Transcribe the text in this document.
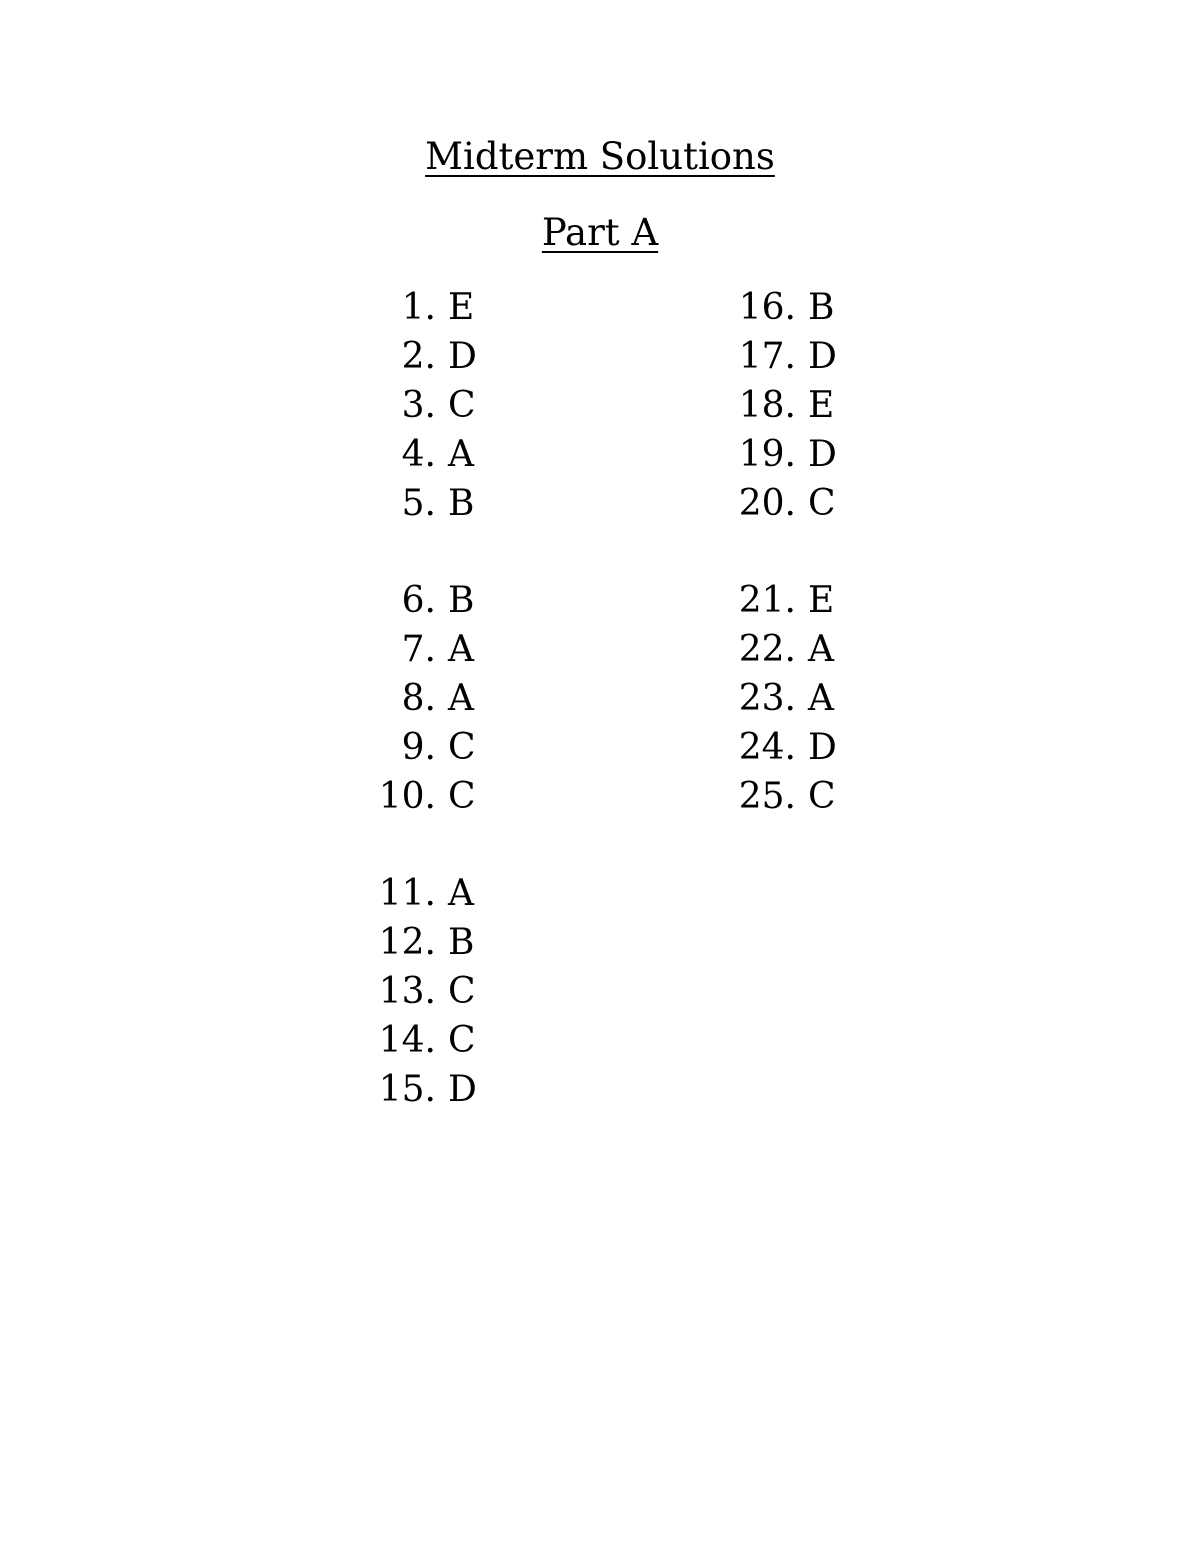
Midterm Solutions
Part A
1. E
2. D
3. C
4. A
5. B
6. B
7. A
8. A
9. C
10. C
11. A
12. B
13. C
14. C
15. D
16. B
17. D
18. E
19. D
20. C
21. E
22. A
23. A
24. D
25. C
